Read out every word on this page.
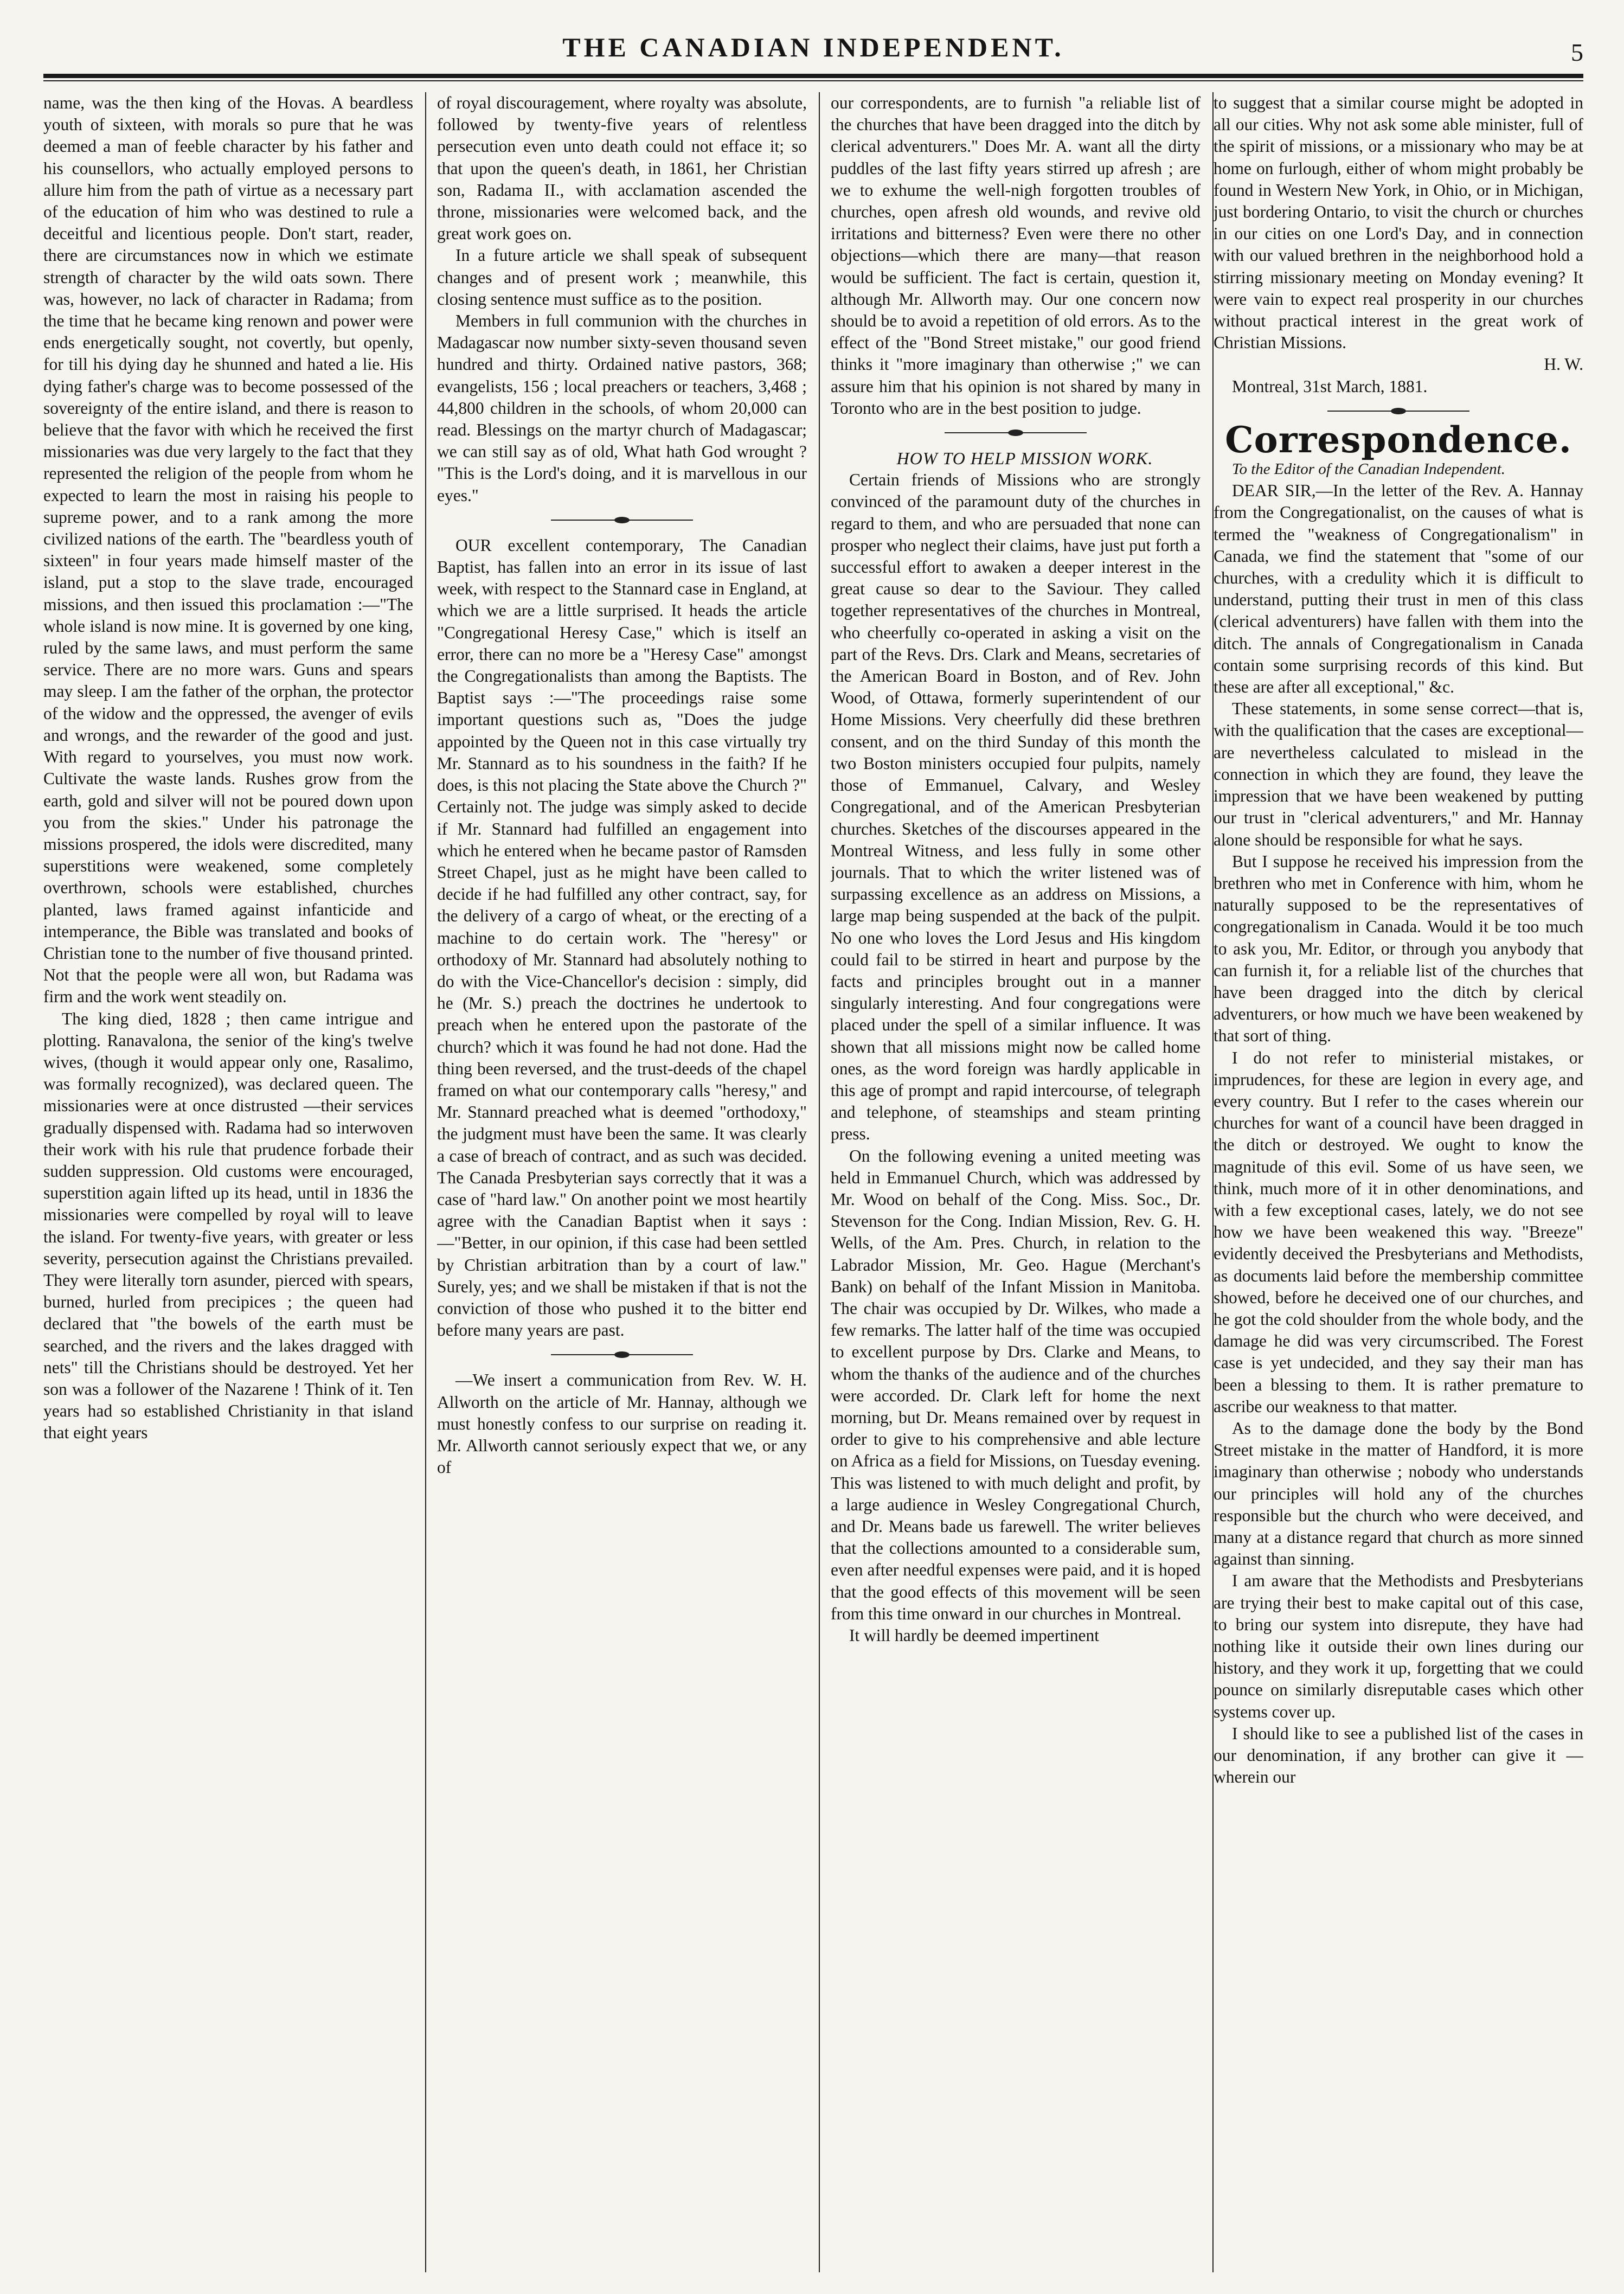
THE CANADIAN INDEPENDENT.	5

name, was the then king of the Hovas. A beardless youth of sixteen, with morals so pure that he was deemed a man of feeble character by his father and his counsellors, who actually employed persons to allure him from the path of virtue as a necessary part of the education of him who was destined to rule a deceitful and licentious people. Don't start, reader, there are circumstances now in which we estimate strength of character by the wild oats sown. There was, however, no lack of character in Radama; from the time that he became king renown and power were ends energetically sought, not covertly, but openly, for till his dying day he shunned and hated a lie. His dying father's charge was to become possessed of the sovereignty of the entire island, and there is reason to believe that the favor with which he received the first missionaries was due very largely to the fact that they represented the religion of the people from whom he expected to learn the most in raising his people to supreme power, and to a rank among the more civilized nations of the earth. The "beardless youth of sixteen" in four years made himself master of the island, put a stop to the slave trade, encouraged missions, and then issued this proclamation :—"The whole island is now mine. It is governed by one king, ruled by the same laws, and must perform the same service. There are no more wars. Guns and spears may sleep. I am the father of the orphan, the protector of the widow and the oppressed, the avenger of evils and wrongs, and the rewarder of the good and just. With regard to yourselves, you must now work. Cultivate the waste lands. Rushes grow from the earth, gold and silver will not be poured down upon you from the skies." Under his patronage the missions prospered, the idols were discredited, many superstitions were weakened, some completely overthrown, schools were established, churches planted, laws framed against infanticide and intemperance, the Bible was translated and books of Christian tone to the number of five thousand printed. Not that the people were all won, but Radama was firm and the work went steadily on.

The king died, 1828 ; then came intrigue and plotting. Ranavalona, the senior of the king's twelve wives, (though it would appear only one, Rasalimo, was formally recognized), was declared queen. The missionaries were at once distrusted —their services gradually dispensed with. Radama had so interwoven their work with his rule that prudence forbade their sudden suppression. Old customs were encouraged, superstition again lifted up its head, until in 1836 the missionaries were compelled by royal will to leave the island. For twenty-five years, with greater or less severity, persecution against the Christians prevailed. They were literally torn asunder, pierced with spears, burned, hurled from precipices ; the queen had declared that "the bowels of the earth must be searched, and the rivers and the lakes dragged with nets" till the Christians should be destroyed. Yet her son was a follower of the Nazarene ! Think of it. Ten years had so established Christianity in that island that eight years

of royal discouragement, where royalty was absolute, followed by twenty-five years of relentless persecution even unto death could not efface it; so that upon the queen's death, in 1861, her Christian son, Radama II., with acclamation ascended the throne, missionaries were welcomed back, and the great work goes on.

In a future article we shall speak of subsequent changes and of present work ; meanwhile, this closing sentence must suffice as to the position.

Members in full communion with the churches in Madagascar now number sixty-seven thousand seven hundred and thirty. Ordained native pastors, 368; evangelists, 156 ; local preachers or teachers, 3,468 ; 44,800 children in the schools, of whom 20,000 can read. Blessings on the martyr church of Madagascar; we can still say as of old, What hath God wrought ? "This is the Lord's doing, and it is marvellous in our eyes."

OUR excellent contemporary, The Canadian Baptist, has fallen into an error in its issue of last week, with respect to the Stannard case in England, at which we are a little surprised. It heads the article "Congregational Heresy Case," which is itself an error, there can no more be a "Heresy Case" amongst the Congregationalists than among the Baptists. The Baptist says :—"The proceedings raise some important questions such as, "Does the judge appointed by the Queen not in this case virtually try Mr. Stannard as to his soundness in the faith? If he does, is this not placing the State above the Church ?" Certainly not. The judge was simply asked to decide if Mr. Stannard had fulfilled an engagement into which he entered when he became pastor of Ramsden Street Chapel, just as he might have been called to decide if he had fulfilled any other contract, say, for the delivery of a cargo of wheat, or the erecting of a machine to do certain work. The "heresy" or orthodoxy of Mr. Stannard had absolutely nothing to do with the Vice-Chancellor's decision : simply, did he (Mr. S.) preach the doctrines he undertook to preach when he entered upon the pastorate of the church? which it was found he had not done. Had the thing been reversed, and the trust-deeds of the chapel framed on what our contemporary calls "heresy," and Mr. Stannard preached what is deemed "orthodoxy," the judgment must have been the same. It was clearly a case of breach of contract, and as such was decided. The Canada Presbyterian says correctly that it was a case of "hard law." On another point we most heartily agree with the Canadian Baptist when it says :—"Better, in our opinion, if this case had been settled by Christian arbitration than by a court of law." Surely, yes; and we shall be mistaken if that is not the conviction of those who pushed it to the bitter end before many years are past.

—We insert a communication from Rev. W. H. Allworth on the article of Mr. Hannay, although we must honestly confess to our surprise on reading it. Mr. Allworth cannot seriously expect that we, or any of

our correspondents, are to furnish "a reliable list of the churches that have been dragged into the ditch by clerical adventurers." Does Mr. A. want all the dirty puddles of the last fifty years stirred up afresh ; are we to exhume the well-nigh forgotten troubles of churches, open afresh old wounds, and revive old irritations and bitterness? Even were there no other objections—which there are many—that reason would be sufficient. The fact is certain, question it, although Mr. Allworth may. Our one concern now should be to avoid a repetition of old errors. As to the effect of the "Bond Street mistake," our good friend thinks it "more imaginary than otherwise ;" we can assure him that his opinion is not shared by many in Toronto who are in the best position to judge.

HOW TO HELP MISSION WORK.

Certain friends of Missions who are strongly convinced of the paramount duty of the churches in regard to them, and who are persuaded that none can prosper who neglect their claims, have just put forth a successful effort to awaken a deeper interest in the great cause so dear to the Saviour. They called together representatives of the churches in Montreal, who cheerfully co-operated in asking a visit on the part of the Revs. Drs. Clark and Means, secretaries of the American Board in Boston, and of Rev. John Wood, of Ottawa, formerly superintendent of our Home Missions. Very cheerfully did these brethren consent, and on the third Sunday of this month the two Boston ministers occupied four pulpits, namely those of Emmanuel, Calvary, and Wesley Congregational, and of the American Presbyterian churches. Sketches of the discourses appeared in the Montreal Witness, and less fully in some other journals. That to which the writer listened was of surpassing excellence as an address on Missions, a large map being suspended at the back of the pulpit. No one who loves the Lord Jesus and His kingdom could fail to be stirred in heart and purpose by the facts and principles brought out in a manner singularly interesting. And four congregations were placed under the spell of a similar influence. It was shown that all missions might now be called home ones, as the word foreign was hardly applicable in this age of prompt and rapid intercourse, of telegraph and telephone, of steamships and steam printing press.

On the following evening a united meeting was held in Emmanuel Church, which was addressed by Mr. Wood on behalf of the Cong. Miss. Soc., Dr. Stevenson for the Cong. Indian Mission, Rev. G. H. Wells, of the Am. Pres. Church, in relation to the Labrador Mission, Mr. Geo. Hague (Merchant's Bank) on behalf of the Infant Mission in Manitoba. The chair was occupied by Dr. Wilkes, who made a few remarks. The latter half of the time was occupied to excellent purpose by Drs. Clarke and Means, to whom the thanks of the audience and of the churches were accorded. Dr. Clark left for home the next morning, but Dr. Means remained over by request in order to give to his comprehensive and able lecture on Africa as a field for Missions, on Tuesday evening. This was listened to with much delight and profit, by a large audience in Wesley Congregational Church, and Dr. Means bade us farewell. The writer believes that the collections amounted to a considerable sum, even after needful expenses were paid, and it is hoped that the good effects of this movement will be seen from this time onward in our churches in Montreal.

It will hardly be deemed impertinent

to suggest that a similar course might be adopted in all our cities. Why not ask some able minister, full of the spirit of missions, or a missionary who may be at home on furlough, either of whom might probably be found in Western New York, in Ohio, or in Michigan, just bordering Ontario, to visit the church or churches in our cities on one Lord's Day, and in connection with our valued brethren in the neighborhood hold a stirring missionary meeting on Monday evening? It were vain to expect real prosperity in our churches without practical interest in the great work of Christian Missions.

H. W.

Montreal, 31st March, 1881.

Correspondence.

To the Editor of the Canadian Independent.

DEAR SIR,—In the letter of the Rev. A. Hannay from the Congregationalist, on the causes of what is termed the "weakness of Congregationalism" in Canada, we find the statement that "some of our churches, with a credulity which it is difficult to understand, putting their trust in men of this class (clerical adventurers) have fallen with them into the ditch. The annals of Congregationalism in Canada contain some surprising records of this kind. But these are after all exceptional," &c.

These statements, in some sense correct—that is, with the qualification that the cases are exceptional—are nevertheless calculated to mislead in the connection in which they are found, they leave the impression that we have been weakened by putting our trust in "clerical adventurers," and Mr. Hannay alone should be responsible for what he says.

But I suppose he received his impression from the brethren who met in Conference with him, whom he naturally supposed to be the representatives of congregationalism in Canada. Would it be too much to ask you, Mr. Editor, or through you anybody that can furnish it, for a reliable list of the churches that have been dragged into the ditch by clerical adventurers, or how much we have been weakened by that sort of thing.

I do not refer to ministerial mistakes, or imprudences, for these are legion in every age, and every country. But I refer to the cases wherein our churches for want of a council have been dragged in the ditch or destroyed. We ought to know the magnitude of this evil. Some of us have seen, we think, much more of it in other denominations, and with a few exceptional cases, lately, we do not see how we have been weakened this way. "Breeze" evidently deceived the Presbyterians and Methodists, as documents laid before the membership committee showed, before he deceived one of our churches, and he got the cold shoulder from the whole body, and the damage he did was very circumscribed. The Forest case is yet undecided, and they say their man has been a blessing to them. It is rather premature to ascribe our weakness to that matter.

As to the damage done the body by the Bond Street mistake in the matter of Handford, it is more imaginary than otherwise ; nobody who understands our principles will hold any of the churches responsible but the church who were deceived, and many at a distance regard that church as more sinned against than sinning.

I am aware that the Methodists and Presbyterians are trying their best to make capital out of this case, to bring our system into disrepute, they have had nothing like it outside their own lines during our history, and they work it up, forgetting that we could pounce on similarly disreputable cases which other systems cover up.

I should like to see a published list of the cases in our denomination, if any brother can give it — wherein our
